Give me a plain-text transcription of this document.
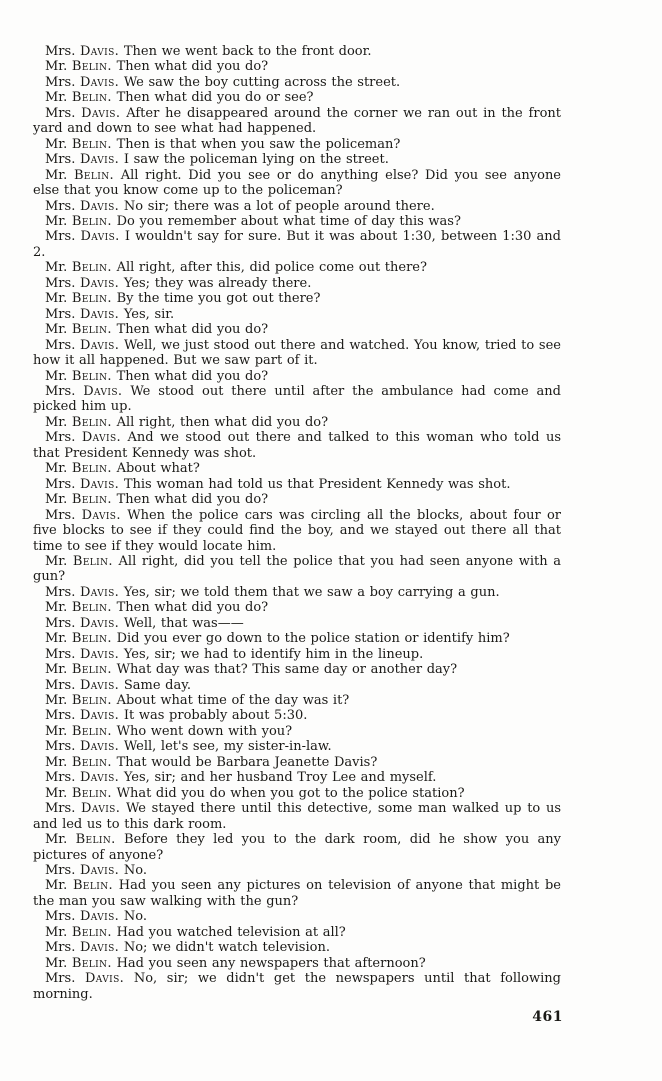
Mrs. Davis. Then we went back to the front door.

Mr. Belin. Then what did you do?

Mrs. Davis. We saw the boy cutting across the street.

Mr. Belin. Then what did you do or see?

Mrs. Davis. After he disappeared around the corner we ran out in the front yard and down to see what had happened.

Mr. Belin. Then is that when you saw the policeman?

Mrs. Davis. I saw the policeman lying on the street.

Mr. Belin. All right. Did you see or do anything else? Did you see anyone else that you know come up to the policeman?

Mrs. Davis. No sir; there was a lot of people around there.

Mr. Belin. Do you remember about what time of day this was?

Mrs. Davis. I wouldn't say for sure. But it was about 1:30, between 1:30 and 2.

Mr. Belin. All right, after this, did police come out there?

Mrs. Davis. Yes; they was already there.

Mr. Belin. By the time you got out there?

Mrs. Davis. Yes, sir.

Mr. Belin. Then what did you do?

Mrs. Davis. Well, we just stood out there and watched. You know, tried to see how it all happened. But we saw part of it.

Mr. Belin. Then what did you do?

Mrs. Davis. We stood out there until after the ambulance had come and picked him up.

Mr. Belin. All right, then what did you do?

Mrs. Davis. And we stood out there and talked to this woman who told us that President Kennedy was shot.

Mr. Belin. About what?

Mrs. Davis. This woman had told us that President Kennedy was shot.

Mr. Belin. Then what did you do?

Mrs. Davis. When the police cars was circling all the blocks, about four or five blocks to see if they could find the boy, and we stayed out there all that time to see if they would locate him.

Mr. Belin. All right, did you tell the police that you had seen anyone with a gun?

Mrs. Davis. Yes, sir; we told them that we saw a boy carrying a gun.

Mr. Belin. Then what did you do?

Mrs. Davis. Well, that was——

Mr. Belin. Did you ever go down to the police station or identify him?

Mrs. Davis. Yes, sir; we had to identify him in the lineup.

Mr. Belin. What day was that? This same day or another day?

Mrs. Davis. Same day.

Mr. Belin. About what time of the day was it?

Mrs. Davis. It was probably about 5:30.

Mr. Belin. Who went down with you?

Mrs. Davis. Well, let's see, my sister-in-law.

Mr. Belin. That would be Barbara Jeanette Davis?

Mrs. Davis. Yes, sir; and her husband Troy Lee and myself.

Mr. Belin. What did you do when you got to the police station?

Mrs. Davis. We stayed there until this detective, some man walked up to us and led us to this dark room.

Mr. Belin. Before they led you to the dark room, did he show you any pictures of anyone?

Mrs. Davis. No.

Mr. Belin. Had you seen any pictures on television of anyone that might be the man you saw walking with the gun?

Mrs. Davis. No.

Mr. Belin. Had you watched television at all?

Mrs. Davis. No; we didn't watch television.

Mr. Belin. Had you seen any newspapers that afternoon?

Mrs. Davis. No, sir; we didn't get the newspapers until that following morning.

461
